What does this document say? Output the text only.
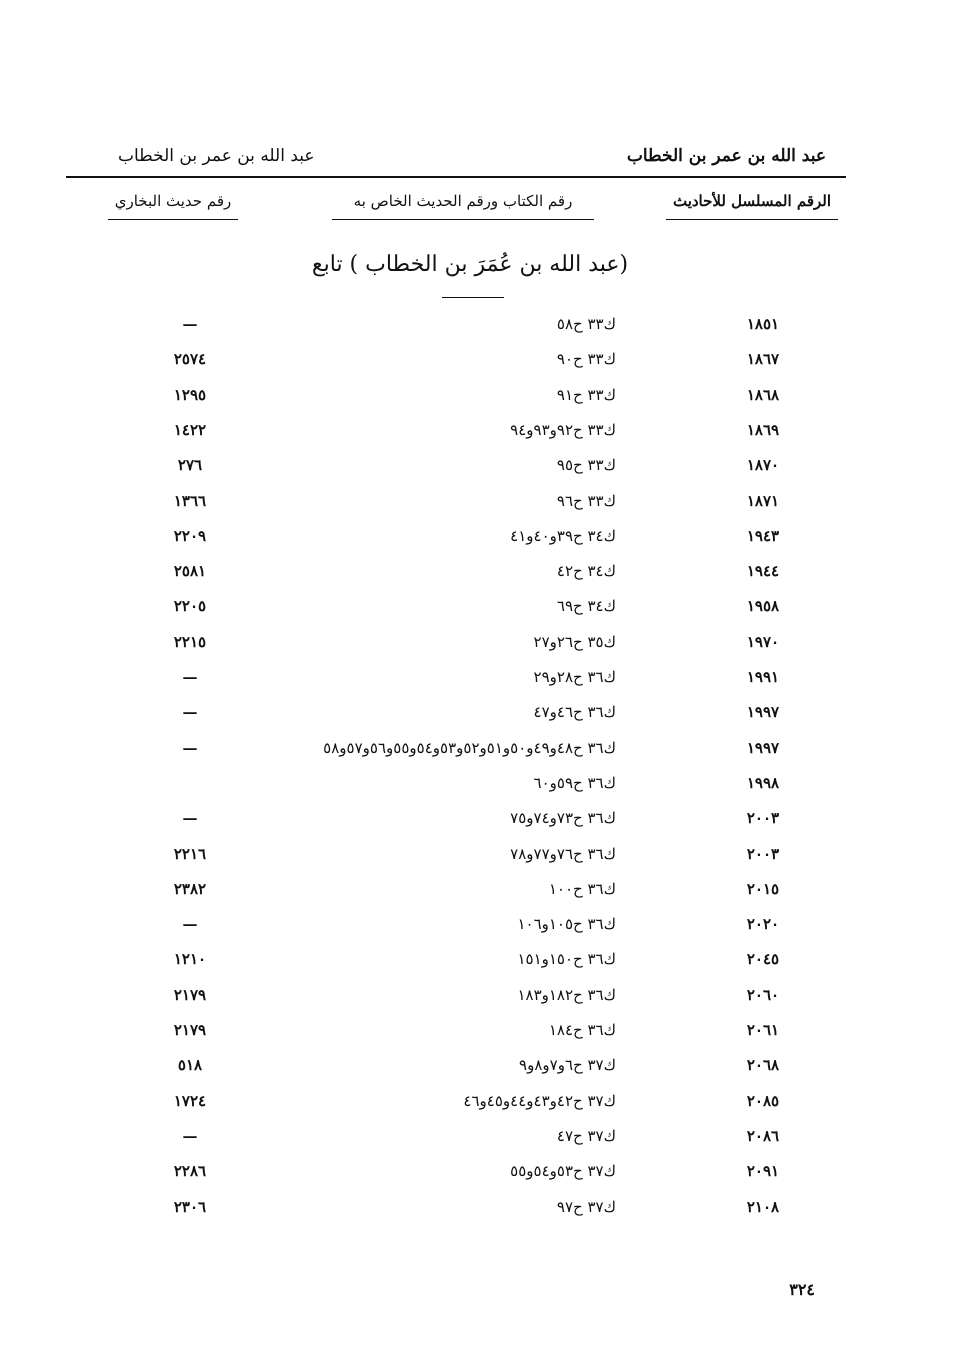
عبد الله بن عمر بن الخطاب
عبد الله بن عمر بن الخطاب
الرقم المسلسل للأحاديث
رقم الكتاب ورقم الحديث الخاص به
رقم حديث البخاري
(عبد الله بن عُمَرَ بن الخطاب ) تابع
١٨٥١
ك٣٣ ح٥٨
—
١٨٦٧
ك٣٣ ح٩٠
٢٥٧٤
١٨٦٨
ك٣٣ ح٩١
١٢٩٥
١٨٦٩
ك٣٣ ح٩٢و٩٣و٩٤
١٤٢٢
١٨٧٠
ك٣٣ ح٩٥
٢٧٦
١٨٧١
ك٣٣ ح٩٦
١٣٦٦
١٩٤٣
ك٣٤ ح٣٩و٤٠و٤١
٢٢٠٩
١٩٤٤
ك٣٤ ح٤٢
٢٥٨١
١٩٥٨
ك٣٤ ح٦٩
٢٢٠٥
١٩٧٠
ك٣٥ ح٢٦و٢٧
٢٢١٥
١٩٩١
ك٣٦ ح٢٨و٢٩
—
١٩٩٧
ك٣٦ ح٤٦و٤٧
—
١٩٩٧
ك٣٦ ح٤٨و٤٩و٥٠و٥١و٥٢و٥٣و٥٤و٥٥و٥٦و٥٧و٥٨
—
١٩٩٨
ك٣٦ ح٥٩و٦٠
٢٠٠٣
ك٣٦ ح٧٣و٧٤و٧٥
—
٢٠٠٣
ك٣٦ ح٧٦و٧٧و٧٨
٢٢١٦
٢٠١٥
ك٣٦ ح١٠٠
٢٣٨٢
٢٠٢٠
ك٣٦ ح١٠٥و١٠٦
—
٢٠٤٥
ك٣٦ ح١٥٠و١٥١
١٢١٠
٢٠٦٠
ك٣٦ ح١٨٢و١٨٣
٢١٧٩
٢٠٦١
ك٣٦ ح١٨٤
٢١٧٩
٢٠٦٨
ك٣٧ ح٦و٧و٨و٩
٥١٨
٢٠٨٥
ك٣٧ ح٤٢و٤٣و٤٤و٤٥و٤٦
١٧٢٤
٢٠٨٦
ك٣٧ ح٤٧
—
٢٠٩١
ك٣٧ ح٥٣و٥٤و٥٥
٢٢٨٦
٢١٠٨
ك٣٧ ح٩٧
٢٣٠٦
٣٢٤
